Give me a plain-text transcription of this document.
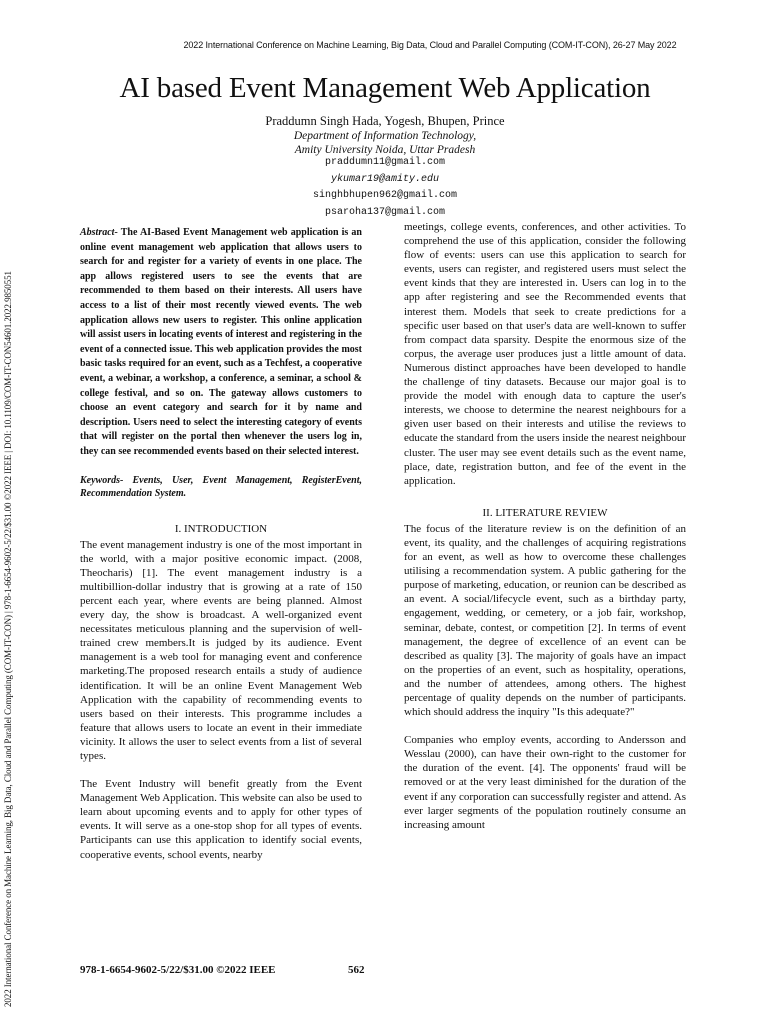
2022 International Conference on Machine Learning, Big Data, Cloud and Parallel Computing (COM-IT-CON), 26-27 May 2022
2022 International Conference on Machine Learning, Big Data, Cloud and Parallel Computing (COM-IT-CON) | 978-1-6654-9602-5/22/$31.00 ©2022 IEEE | DOI: 10.1109/COM-IT-CON54601.2022.9850551
AI based Event Management Web Application
Praddumn Singh Hada, Yogesh, Bhupen, Prince
Department of Information Technology,
Amity University Noida, Uttar Pradesh
praddumn11@gmail.com
ykumar19@amity.edu
singhbhupen962@gmail.com
psaroha137@gmail.com

Abstract- The AI-Based Event Management web application is an online event management web application that allows users to search for and register for a variety of events in one place. The app allows registered users to see the events that are recommended to them based on their interests. All users have access to a list of their most recently viewed events. The web application allows new users to register. This online application will assist users in locating events of interest and registering in the event of a connected issue. This web application provides the most basic tasks required for an event, such as a Techfest, a cooperative event, a webinar, a workshop, a conference, a seminar, a school & college festival, and so on. The gateway allows customers to choose an event category and search for it by name and description. Users need to select the interesting category of events that will register on the portal then whenever the users log in, they can see recommended events based on their selected interest.

Keywords- Events, User, Event Management, RegisterEvent, Recommendation System.

I. INTRODUCTION

The event management industry is one of the most important in the world, with a major positive economic impact. (2008, Theocharis) [1]. The event management industry is a multibillion-dollar industry that is growing at a rate of 150 percent each year, where events are being planned. Almost every day, the show is broadcast. A well-organized event necessitates meticulous planning and the supervision of well-trained crew members.It is judged by its audience. Event management is a web tool for managing event and conference marketing.The proposed research entails a study of audience identification. It will be an online Event Management Web Application with the capability of recommending events to users based on their interests. This programme includes a feature that allows users to locate an event in their immediate vicinity. It allows the user to select events from a list of several types.

The Event Industry will benefit greatly from the Event Management Web Application. This website can also be used to learn about upcoming events and to apply for other types of events. It will serve as a one-stop shop for all types of events. Participants can use this application to identify social events, cooperative events, school events, nearby

meetings, college events, conferences, and other activities. To comprehend the use of this application, consider the following flow of events: users can use this application to search for events, users can register, and registered users must select the event kinds that they are interested in. Users can log in to the app after registering and see the Recommended events that interest them. Models that seek to create predictions for a specific user based on that user's data are well-known to suffer from compact data sparsity. Despite the enormous size of the corpus, the average user produces just a little amount of data. Numerous distinct approaches have been developed to handle the challenge of tiny datasets. Because our major goal is to provide the model with enough data to capture the user's interests, we choose to determine the nearest neighbours for a given user based on their interests and utilise the reviews to educate the standard from the users inside the nearest neighbour cluster. The user may see event details such as the event name, place, date, registration button, and fee of the event in the application.

II. LITERATURE REVIEW

The focus of the literature review is on the definition of an event, its quality, and the challenges of acquiring registrations for an event, as well as how to overcome these challenges utilising a recommendation system. A public gathering for the purpose of marketing, education, or reunion can be described as an event. A social/lifecycle event, such as a birthday party, engagement, wedding, or cemetery, or a job fair, workshop, seminar, debate, contest, or competition [2]. In terms of event management, the degree of excellence of an event can be described as quality [3]. The majority of goals have an impact on the properties of an event, such as hospitality, operations, and the number of attendees, among others. The highest percentage of quality depends on the number of participants. which should address the inquiry "Is this adequate?"

Companies who employ events, according to Andersson and Wesslau (2000), can have their own-right to the customer for the duration of the event. [4]. The opponents' fraud will be removed or at the very least diminished for the duration of the event if any corporation can successfully register and attend. As ever larger segments of the population routinely consume an increasing amount

978-1-6654-9602-5/22/$31.00 ©2022 IEEE	562
